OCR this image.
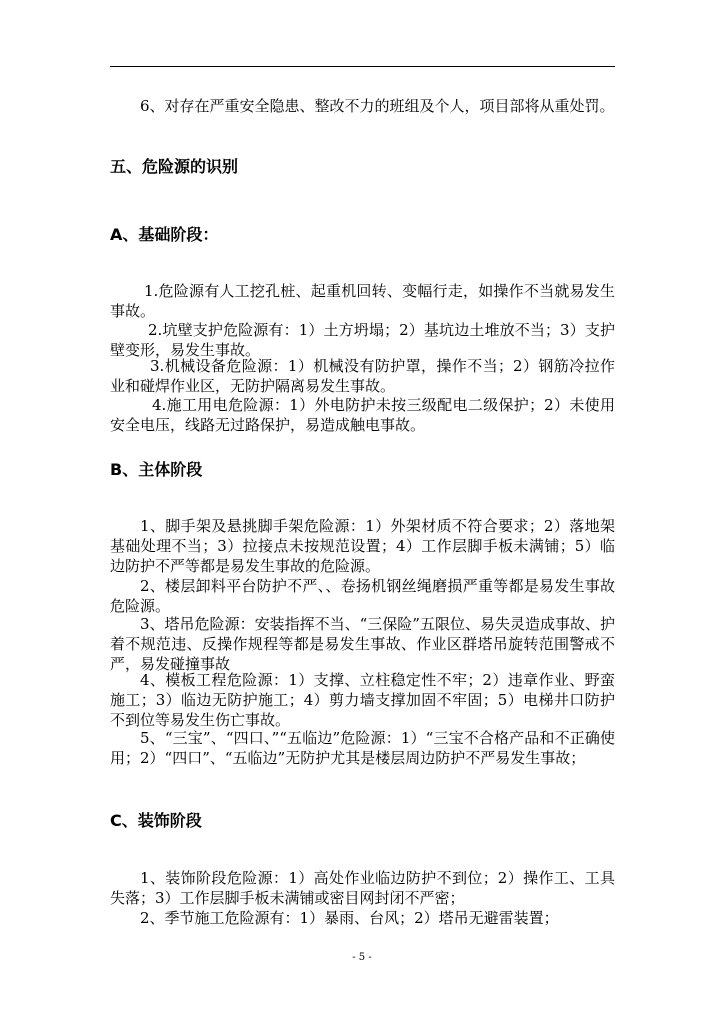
6、对存在严重安全隐患、整改不力的班组及个人，项目部将从重处罚。

五、危险源的识别

A、基础阶段：

1.危险源有人工挖孔桩、起重机回转、变幅行走，如操作不当就易发生事故。

2.坑壁支护危险源有：1）土方坍塌；2）基坑边土堆放不当；3）支护壁变形，易发生事故。

3.机械设备危险源：1）机械没有防护罩，操作不当；2）钢筋冷拉作业和碰焊作业区，无防护隔离易发生事故。

4.施工用电危险源：1）外电防护未按三级配电二级保护；2）未使用安全电压，线路无过路保护，易造成触电事故。

B、主体阶段

1、脚手架及悬挑脚手架危险源：1）外架材质不符合要求；2）落地架基础处理不当；3）拉接点未按规范设置；4）工作层脚手板未满铺；5）临边防护不严等都是易发生事故的危险源。

2、楼层卸料平台防护不严、、卷扬机钢丝绳磨损严重等都是易发生事故危险源。

3、塔吊危险源：安装指挥不当、“三保险”五限位、易失灵造成事故、护着不规范违、反操作规程等都是易发生事故、作业区群塔吊旋转范围警戒不严，易发碰撞事故

4、模板工程危险源：1）支撑、立柱稳定性不牢；2）违章作业、野蛮施工；3）临边无防护施工；4）剪力墙支撑加固不牢固；5）电梯井口防护不到位等易发生伤亡事故。

5、“三宝”、“四口、”“五临边”危险源：1）“三宝不合格产品和不正确使用；2）“四口”、“五临边”无防护尤其是楼层周边防护不严易发生事故；

C、装饰阶段

1、装饰阶段危险源：1）高处作业临边防护不到位；2）操作工、工具失落；3）工作层脚手板未满铺或密目网封闭不严密；

2、季节施工危险源有：1）暴雨、台风；2）塔吊无避雷装置；

- 5 -
